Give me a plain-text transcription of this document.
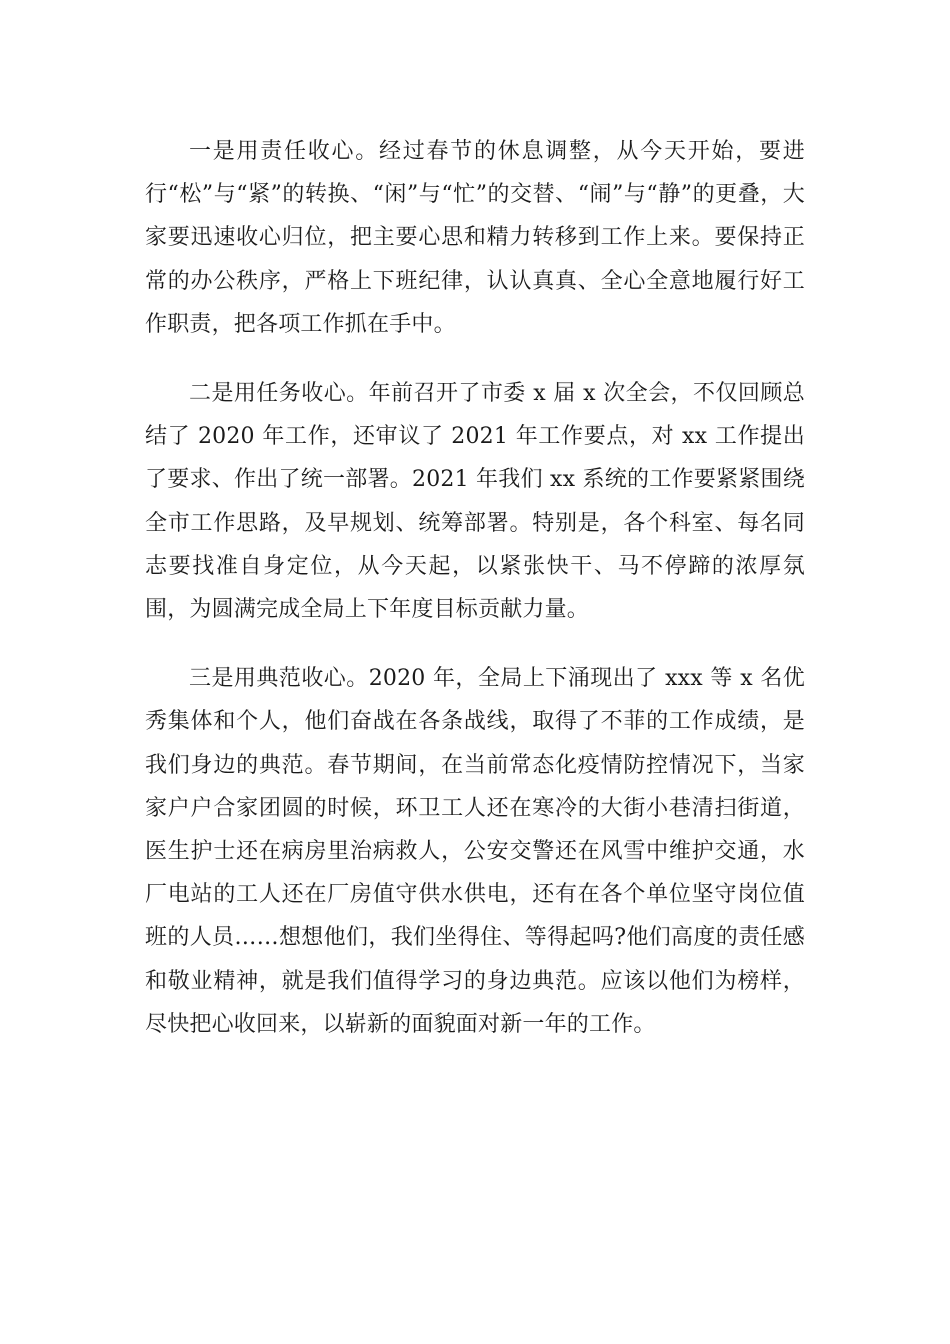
一是用责任收心。经过春节的休息调整，从今天开始，要进行“松”与“紧”的转换、“闲”与“忙”的交替、“闹”与“静”的更叠，大家要迅速收心归位，把主要心思和精力转移到工作上来。要保持正常的办公秩序，严格上下班纪律，认认真真、全心全意地履行好工作职责，把各项工作抓在手中。

二是用任务收心。年前召开了市委 x 届 x 次全会，不仅回顾总结了 2020 年工作，还审议了 2021 年工作要点，对 xx 工作提出了要求、作出了统一部署。2021 年我们 xx 系统的工作要紧紧围绕全市工作思路，及早规划、统筹部署。特别是，各个科室、每名同志要找准自身定位，从今天起，以紧张快干、马不停蹄的浓厚氛围，为圆满完成全局上下年度目标贡献力量。

三是用典范收心。2020 年，全局上下涌现出了 xxx 等 x 名优秀集体和个人，他们奋战在各条战线，取得了不菲的工作成绩，是我们身边的典范。春节期间，在当前常态化疫情防控情况下，当家家户户合家团圆的时候，环卫工人还在寒冷的大街小巷清扫街道，医生护士还在病房里治病救人，公安交警还在风雪中维护交通，水厂电站的工人还在厂房值守供水供电，还有在各个单位坚守岗位值班的人员……想想他们，我们坐得住、等得起吗?他们高度的责任感和敬业精神，就是我们值得学习的身边典范。应该以他们为榜样，尽快把心收回来，以崭新的面貌面对新一年的工作。
